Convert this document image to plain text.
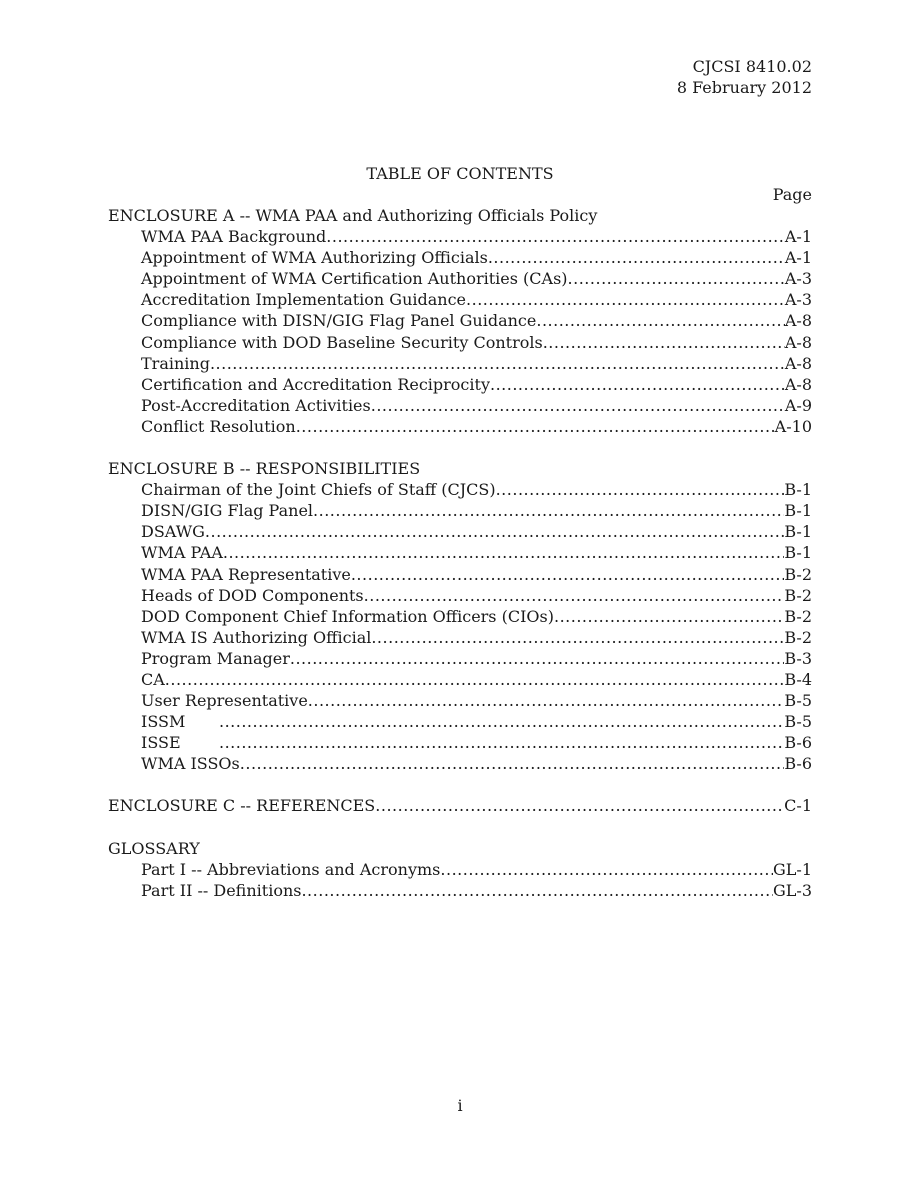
CJCSI 8410.02
8 February 2012
TABLE OF CONTENTS
Page
ENCLOSURE A -- WMA PAA and Authorizing Officials Policy
WMA PAA Background .....	A-1
Appointment of WMA Authorizing Officials .....	A-1
Appointment of WMA Certification Authorities (CAs) .....	A-3
Accreditation Implementation Guidance .....	A-3
Compliance with DISN/GIG Flag Panel Guidance .....	A-8
Compliance with DOD Baseline Security Controls .....	A-8
Training .....	A-8
Certification and Accreditation Reciprocity .....	A-8
Post-Accreditation Activities .....	A-9
Conflict Resolution .....	A-10
ENCLOSURE B -- RESPONSIBILITIES
Chairman of the Joint Chiefs of Staff (CJCS) .....	B-1
DISN/GIG Flag Panel .....	B-1
DSAWG .....	B-1
WMA PAA .....	B-1
WMA PAA Representative .....	B-2
Heads of DOD Components .....	B-2
DOD Component Chief Information Officers (CIOs) .....	B-2
WMA IS Authorizing Official .....	B-2
Program Manager .....	B-3
CA .....	B-4
User Representative .....	B-5
ISSM .....	B-5
ISSE .....	B-6
WMA ISSOs .....	B-6
ENCLOSURE C -- REFERENCES .....	C-1
GLOSSARY
Part I -- Abbreviations and Acronyms .....	GL-1
Part II -- Definitions .....	GL-3
i
